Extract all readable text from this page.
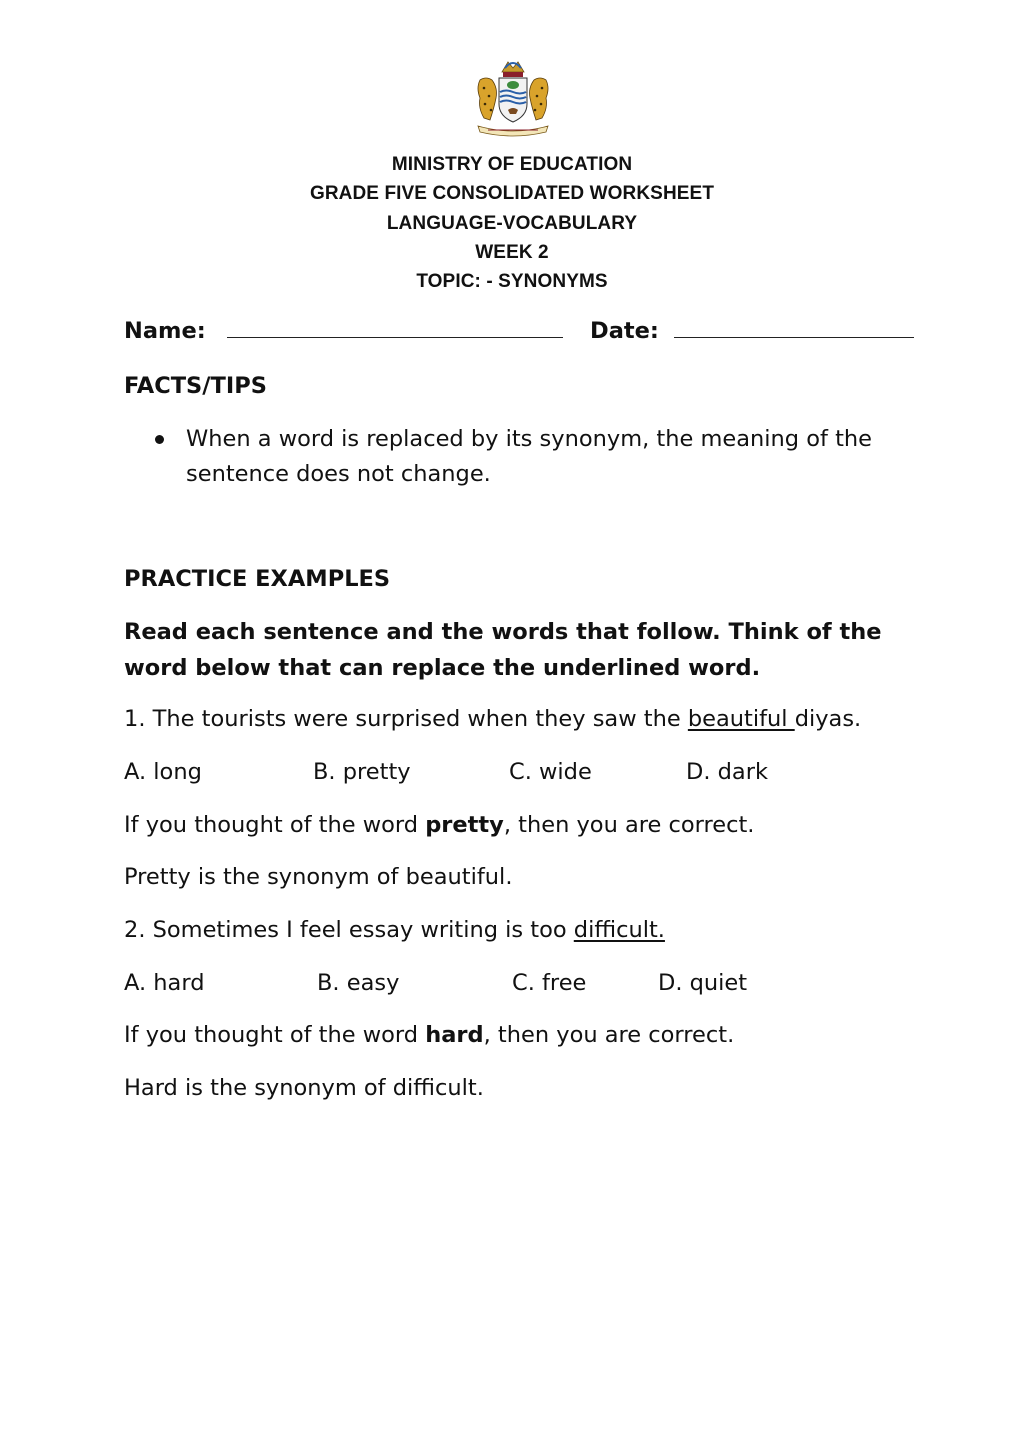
MINISTRY OF EDUCATION
GRADE FIVE CONSOLIDATED WORKSHEET
LANGUAGE-VOCABULARY
WEEK 2
TOPIC: - SYNONYMS
Name:	Date:
FACTS/TIPS
When a word is replaced by its synonym, the meaning of the sentence does not change.
PRACTICE EXAMPLES
Read each sentence and the words that follow. Think of the word below that can replace the underlined word.
1. The tourists were surprised when they saw the beautiful diyas.
A. long	B. pretty	C. wide	D. dark
If you thought of the word pretty, then you are correct.
Pretty is the synonym of beautiful.
2. Sometimes I feel essay writing is too difficult.
A. hard	B. easy	C. free	D. quiet
If you thought of the word hard, then you are correct.
Hard is the synonym of difficult.
